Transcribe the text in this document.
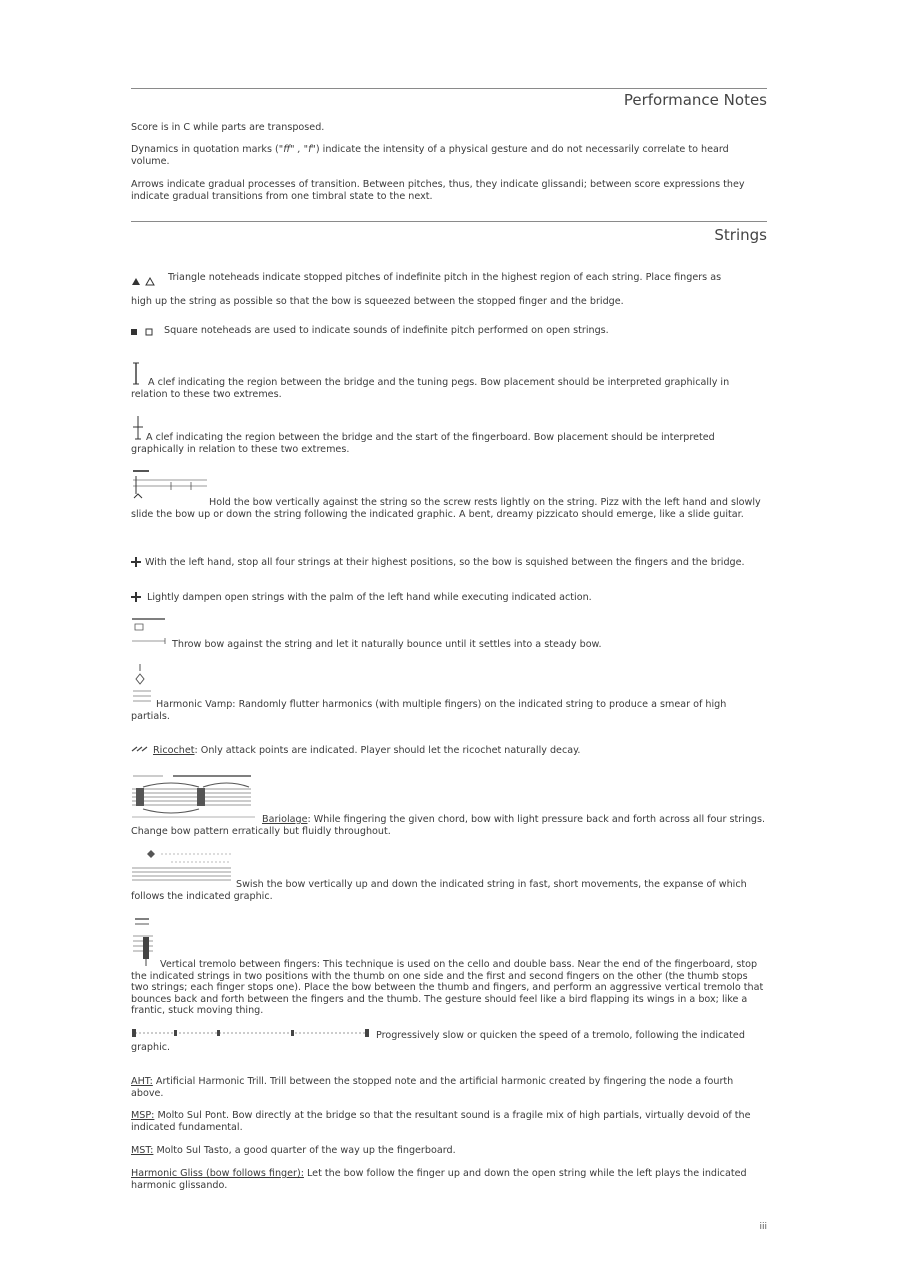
Performance Notes

Score is in C while parts are transposed.

Dynamics in quotation marks ("ff" , "f") indicate the intensity of a physical gesture and do not necessarily correlate to heard volume.

Arrows indicate gradual processes of transition. Between pitches, thus, they indicate glissandi; between score expressions they indicate gradual transitions from one timbral state to the next.

Strings

Triangle noteheads indicate stopped pitches of indefinite pitch in the highest region of each string. Place fingers as

high up the string as possible so that the bow is squeezed between the stopped finger and the bridge.

Square noteheads are used to indicate sounds of indefinite pitch performed on open strings.

A clef indicating the region between the bridge and the tuning pegs. Bow placement should be interpreted graphically in relation to these two extremes.

A clef indicating the region between the bridge and the start of the fingerboard. Bow placement should be interpreted graphically in relation to these two extremes.

Hold the bow vertically against the string so the screw rests lightly on the string. Pizz with the left hand and slowly slide the bow up or down the string following the indicated graphic. A bent, dreamy pizzicato should emerge, like a slide guitar.

With the left hand, stop all four strings at their highest positions, so the bow is squished between the fingers and the bridge.

Lightly dampen open strings with the palm of the left hand while executing indicated action.

Throw bow against the string and let it naturally bounce until it settles into a steady bow.

Harmonic Vamp: Randomly flutter harmonics (with multiple fingers) on the indicated string to produce a smear of high partials.

Ricochet: Only attack points are indicated. Player should let the ricochet naturally decay.

Bariolage: While fingering the given chord, bow with light pressure back and forth across all four strings. Change bow pattern erratically but fluidly throughout.

Swish the bow vertically up and down the indicated string in fast, short movements, the expanse of which follows the indicated graphic.

Vertical tremolo between fingers: This technique is used on the cello and double bass. Near the end of the fingerboard, stop the indicated strings in two positions with the thumb on one side and the first and second fingers on the other (the thumb stops two strings; each finger stops one). Place the bow between the thumb and fingers, and perform an aggressive vertical tremolo that bounces back and forth between the fingers and the thumb. The gesture should feel like a bird flapping its wings in a box; like a frantic, stuck moving thing.

Progressively slow or quicken the speed of a tremolo, following the indicated graphic.

AHT: Artificial Harmonic Trill. Trill between the stopped note and the artificial harmonic created by fingering the node a fourth above.

MSP: Molto Sul Pont. Bow directly at the bridge so that the resultant sound is a fragile mix of high partials, virtually devoid of the indicated fundamental.

MST: Molto Sul Tasto, a good quarter of the way up the fingerboard.

Harmonic Gliss (bow follows finger): Let the bow follow the finger up and down the open string while the left plays the indicated harmonic glissando.

iii
